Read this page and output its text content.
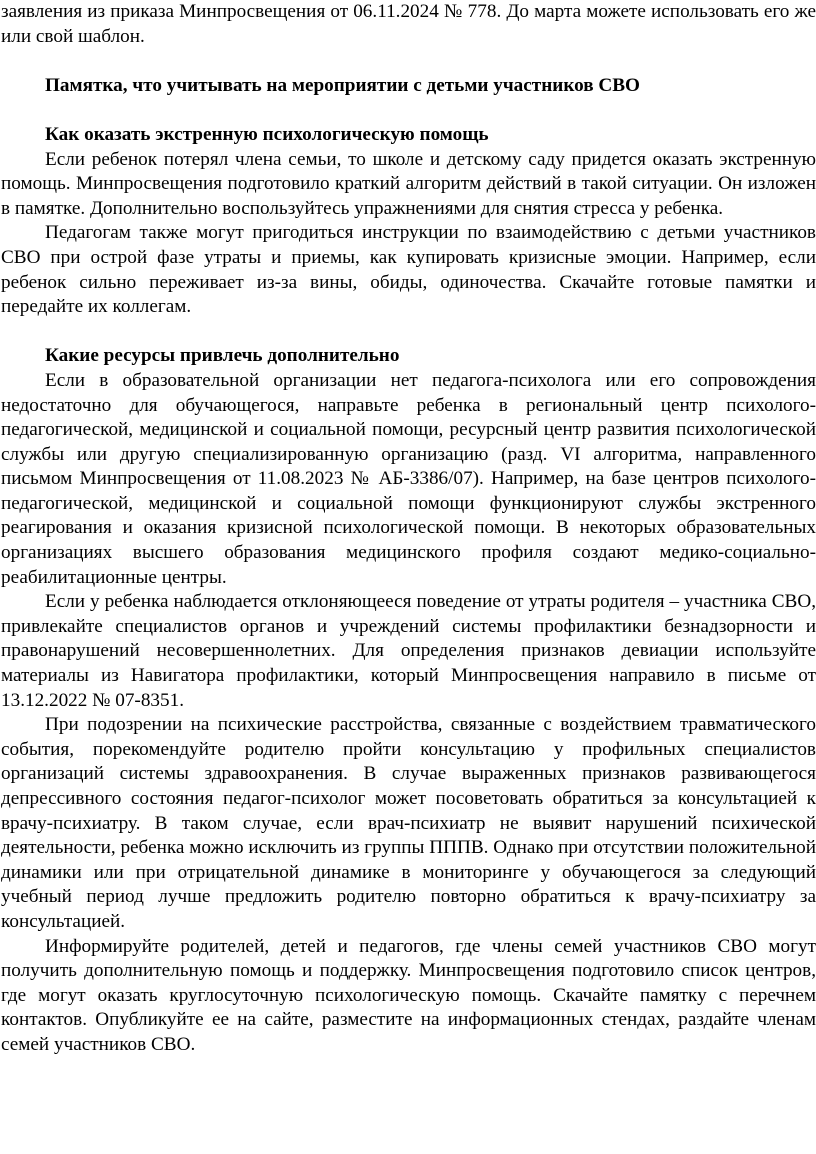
заявления из приказа Минпросвещения от 06.11.2024 № 778. До марта можете использовать его же или свой шаблон.

Памятка, что учитывать на мероприятии с детьми участников СВО

Как оказать экстренную психологическую помощь

Если ребенок потерял члена семьи, то школе и детскому саду придется оказать экстренную помощь. Минпросвещения подготовило краткий алгоритм действий в такой ситуации. Он изложен в памятке. Дополнительно воспользуйтесь упражнениями для снятия стресса у ребенка.

Педагогам также могут пригодиться инструкции по взаимодействию с детьми участников СВО при острой фазе утраты и приемы, как купировать кризисные эмоции. Например, если ребенок сильно переживает из-за вины, обиды, одиночества. Скачайте готовые памятки и передайте их коллегам.

Какие ресурсы привлечь дополнительно

Если в образовательной организации нет педагога-психолога или его сопровождения недостаточно для обучающегося, направьте ребенка в региональный центр психолого-педагогической, медицинской и социальной помощи, ресурсный центр развития психологической службы или другую специализированную организацию (разд. VI алгоритма, направленного письмом Минпросвещения от 11.08.2023 № АБ-3386/07). Например, на базе центров психолого-педагогической, медицинской и социальной помощи функционируют службы экстренного реагирования и оказания кризисной психологической помощи. В некоторых образовательных организациях высшего образования медицинского профиля создают медико-социально-реабилитационные центры.

Если у ребенка наблюдается отклоняющееся поведение от утраты родителя – участника СВО, привлекайте специалистов органов и учреждений системы профилактики безнадзорности и правонарушений несовершеннолетних. Для определения признаков девиации используйте материалы из Навигатора профилактики, который Минпросвещения направило в письме от 13.12.2022 № 07-8351.

При подозрении на психические расстройства, связанные с воздействием травматического события, порекомендуйте родителю пройти консультацию у профильных специалистов организаций системы здравоохранения. В случае выраженных признаков развивающегося депрессивного состояния педагог-психолог может посоветовать обратиться за консультацией к врачу-психиатру. В таком случае, если врач-психиатр не выявит нарушений психической деятельности, ребенка можно исключить из группы ПППВ. Однако при отсутствии положительной динамики или при отрицательной динамике в мониторинге у обучающегося за следующий учебный период лучше предложить родителю повторно обратиться к врачу-психиатру за консультацией.

Информируйте родителей, детей и педагогов, где члены семей участников СВО могут получить дополнительную помощь и поддержку. Минпросвещения подготовило список центров, где могут оказать круглосуточную психологическую помощь. Скачайте памятку с перечнем контактов. Опубликуйте ее на сайте, разместите на информационных стендах, раздайте членам семей участников СВО.
